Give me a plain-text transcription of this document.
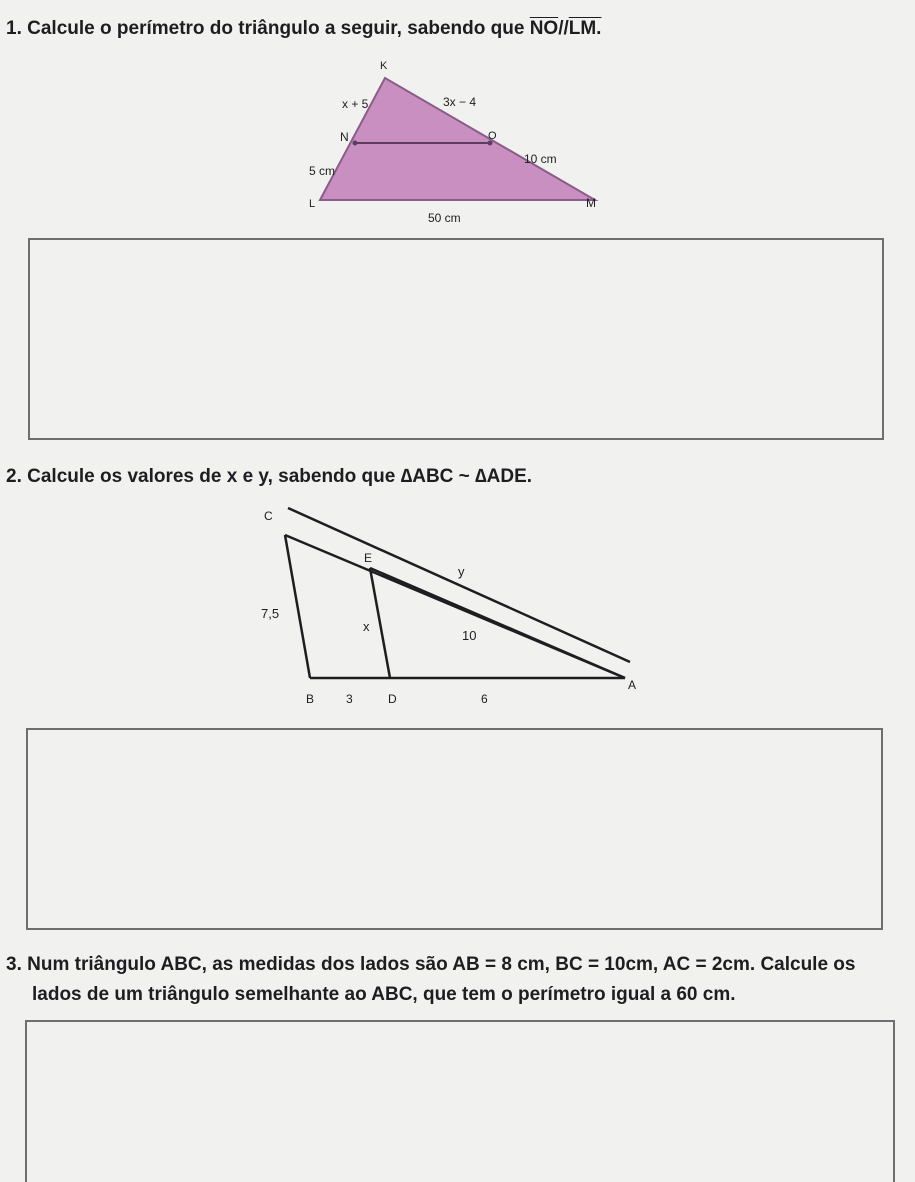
1. Calcule o perímetro do triângulo a seguir, sabendo que $\overline{NO}//LM$.
K
x + 5	3x − 4
N	O
5 cm
10 cm
L	M
50 cm
2. Calcule os valores de x e y, sabendo que ∆ABC ~ ∆ADE.
C
E
y
7,5
x
10
A
B	3	D	6
3. Num triângulo ABC, as medidas dos lados são AB = 8 cm, BC = 10cm, AC = 2cm. Calcule os
lados de um triângulo semelhante ao ABC, que tem o perímetro igual a 60 cm.
